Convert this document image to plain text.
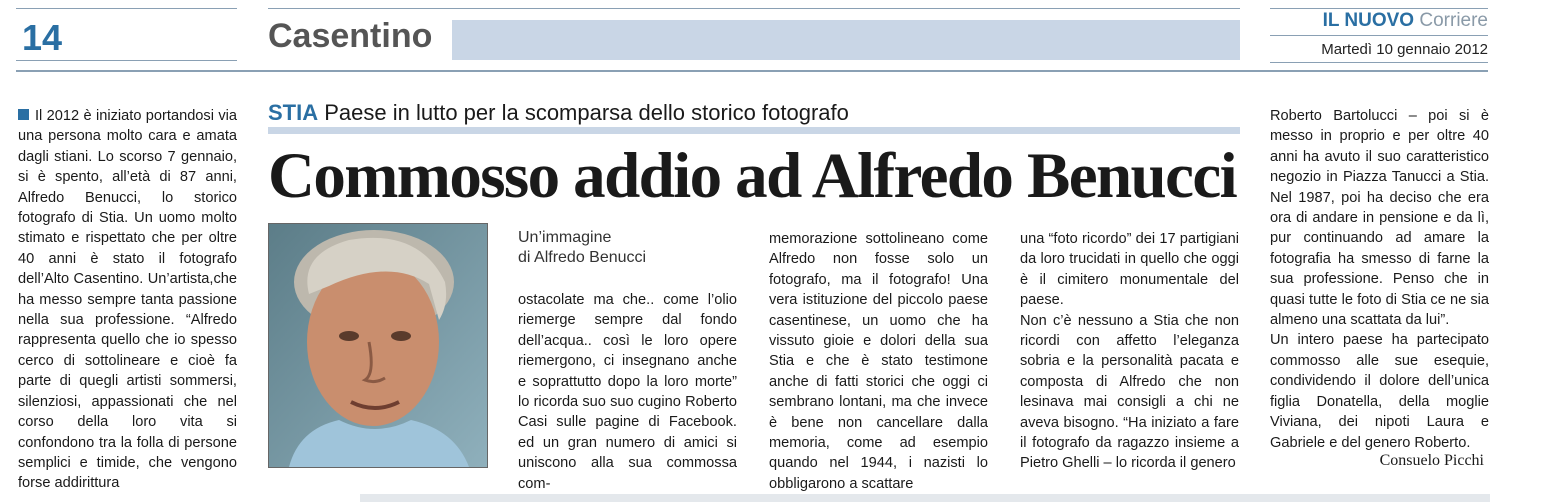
14	Casentino	IL NUOVO Corriere
Martedì 10 gennaio 2012
STIA Paese in lutto per la scomparsa dello storico fotografo
Commosso addio ad Alfredo Benucci

Il 2012 è iniziato portandosi via una persona molto cara e amata dagli stiani. Lo scorso 7 gennaio, si è spento, all’età di 87 anni, Alfredo Benucci, lo storico fotografo di Stia. Un uomo molto stimato e rispettato che per oltre 40 anni è stato il fotografo dell’Alto Casentino. Un’artista,che ha messo sempre tanta passione nella sua professione. “Alfredo rappresenta quello che io spesso cerco di sottolineare e cioè fa parte di quegli artisti sommersi, silenziosi, appassionati che nel corso della loro vita si confondono tra la folla di persone semplici e timide, che vengono forse addirittura

Un’immagine
di Alfredo Benucci

ostacolate ma che.. come l’olio riemerge sempre dal fondo dell’acqua.. così le loro opere riemergono, ci insegnano anche e soprattutto dopo la loro morte” lo ricorda suo suo cugino Roberto Casi sulle pagine di Facebook. ed un gran numero di amici si uniscono alla sua commossa com-

memorazione sottolineano come Alfredo non fosse solo un fotografo, ma il fotografo! Una vera istituzione del piccolo paese casentinese, un uomo che ha vissuto gioie e dolori della sua Stia e che è stato testimone anche di fatti storici che oggi ci sembrano lontani, ma che invece è bene non cancellare dalla memoria, come ad esempio quando nel 1944, i nazisti lo obbligarono a scattare

una “foto ricordo” dei 17 partigiani da loro trucidati in quello che oggi è il cimitero monumentale del paese.

Non c’è nessuno a Stia che non ricordi con affetto l’eleganza sobria e la personalità pacata e composta di Alfredo che non lesinava mai consigli a chi ne aveva bisogno. “Ha iniziato a fare il fotografo da ragazzo insieme a Pietro Ghelli – lo ricorda il genero

Roberto Bartolucci – poi si è messo in proprio e per oltre 40 anni ha avuto il suo caratteristico negozio in Piazza Tanucci a Stia. Nel 1987, poi ha deciso che era ora di andare in pensione e da lì, pur continuando ad amare la fotografia ha smesso di farne la sua professione. Penso che in quasi tutte le foto di Stia ce ne sia almeno una scattata da lui”.

Un intero paese ha partecipato commosso alle sue esequie, condividendo il dolore dell’unica figlia Donatella, della moglie Viviana, dei nipoti Laura e Gabriele e del genero Roberto.

Consuelo Picchi
